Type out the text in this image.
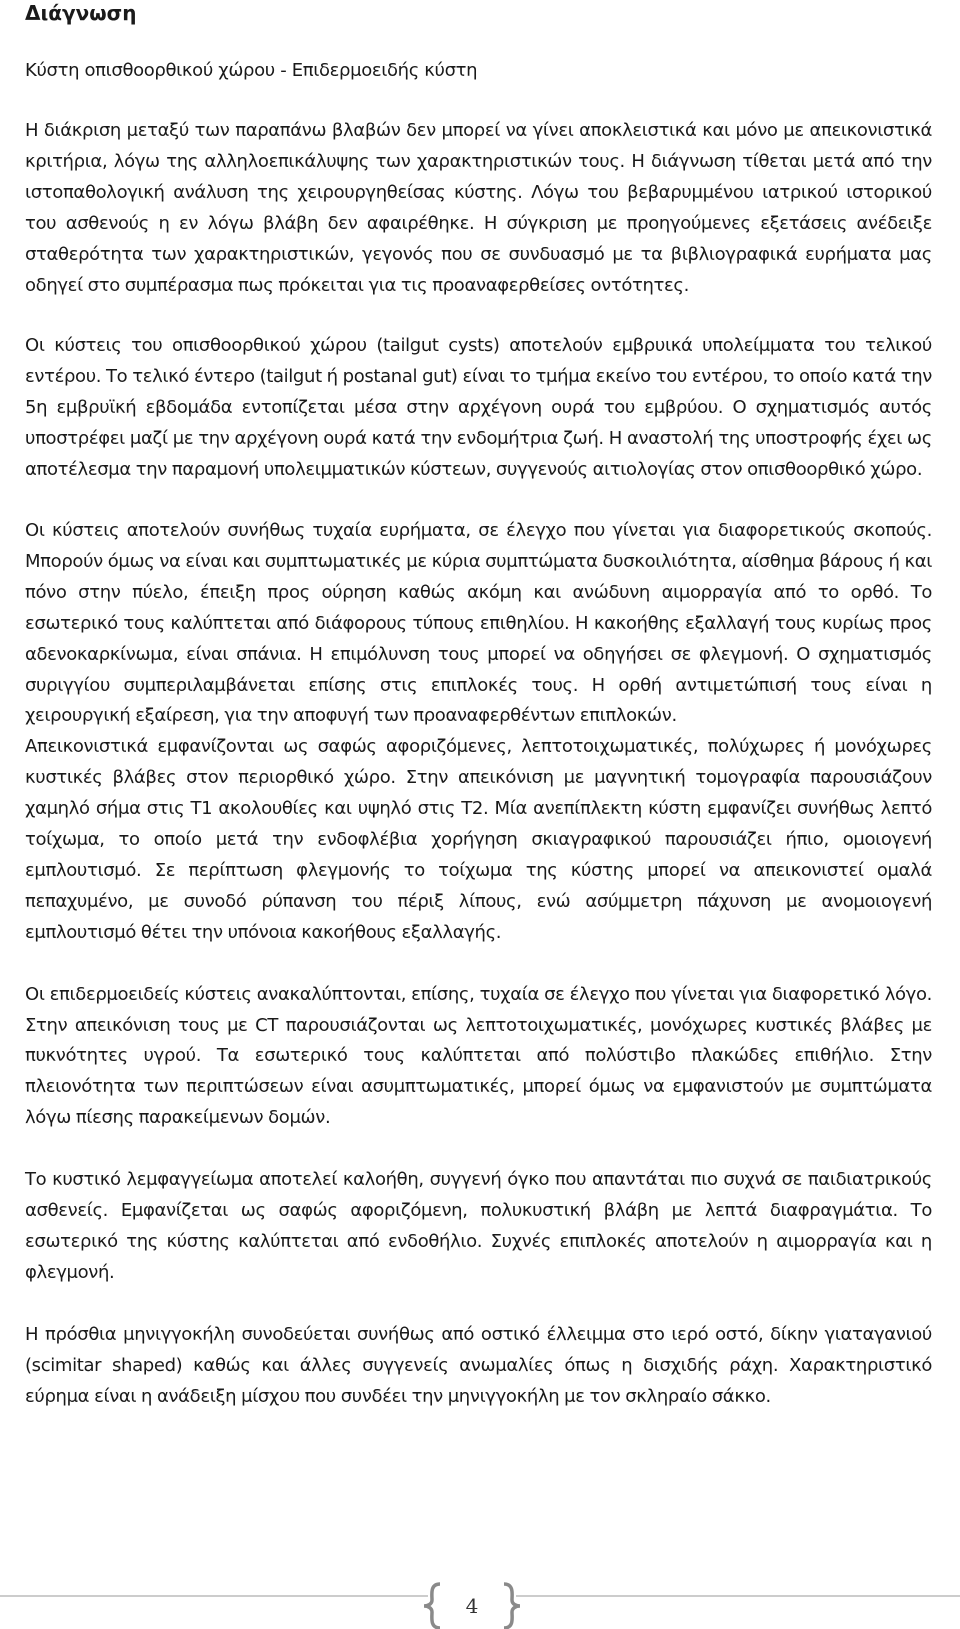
Διάγνωση

Κύστη οπισθοορθικού χώρου - Επιδερμοειδής κύστη

Η διάκριση μεταξύ των παραπάνω βλαβών δεν μπορεί να γίνει αποκλειστικά και μόνο με απεικονιστικά κριτήρια, λόγω της αλληλοεπικάλυψης των χαρακτηριστικών τους. Η διάγνωση τίθεται μετά από την ιστοπαθολογική ανάλυση της χειρουργηθείσας κύστης. Λόγω του βεβαρυμμένου ιατρικού ιστορικού του ασθενούς η εν λόγω βλάβη δεν αφαιρέθηκε. Η σύγκριση με προηγούμενες εξετάσεις ανέδειξε σταθερότητα των χαρακτηριστικών, γεγονός που σε συνδυασμό με τα βιβλιογραφικά ευρήματα μας οδηγεί στο συμπέρασμα πως πρόκειται για τις προαναφερθείσες οντότητες.

Οι κύστεις του οπισθοορθικού χώρου (tailgut cysts) αποτελούν εμβρυικά υπολείμματα του τελικού εντέρου. Το τελικό έντερο (tailgut ή postanal gut) είναι το τμήμα εκείνο του εντέρου, το οποίο κατά την 5η εμβρυϊκή εβδομάδα εντοπίζεται μέσα στην αρχέγονη ουρά του εμβρύου. Ο σχηματισμός αυτός υποστρέφει μαζί με την αρχέγονη ουρά κατά την ενδομήτρια ζωή. Η αναστολή της υποστροφής έχει ως αποτέλεσμα την παραμονή υπολειμματικών κύστεων, συγγενούς αιτιολογίας στον οπισθοορθικό χώρο.

Οι κύστεις αποτελούν συνήθως τυχαία ευρήματα, σε έλεγχο που γίνεται για διαφορετικούς σκοπούς. Μπορούν όμως να είναι και συμπτωματικές με κύρια συμπτώματα δυσκοιλιότητα, αίσθημα βάρους ή και πόνο στην πύελο, έπειξη προς ούρηση καθώς ακόμη και ανώδυνη αιμορραγία από το ορθό. Το εσωτερικό τους καλύπτεται από διάφορους τύπους επιθηλίου. Η κακοήθης εξαλλαγή τους κυρίως προς αδενοκαρκίνωμα, είναι σπάνια. Η επιμόλυνση τους μπορεί να οδηγήσει σε φλεγμονή. Ο σχηματισμός συριγγίου συμπεριλαμβάνεται επίσης στις επιπλοκές τους. Η ορθή αντιμετώπισή τους είναι η χειρουργική εξαίρεση, για την αποφυγή των προαναφερθέντων επιπλοκών.

Απεικονιστικά εμφανίζονται ως σαφώς αφοριζόμενες, λεπτοτοιχωματικές, πολύχωρες ή μονόχωρες κυστικές βλάβες στον περιορθικό χώρο. Στην απεικόνιση με μαγνητική τομογραφία παρουσιάζουν χαμηλό σήμα στις Τ1 ακολουθίες και υψηλό στις Τ2. Μία ανεπίπλεκτη κύστη εμφανίζει συνήθως λεπτό τοίχωμα, το οποίο μετά την ενδοφλέβια χορήγηση σκιαγραφικού παρουσιάζει ήπιο, ομοιογενή εμπλουτισμό. Σε περίπτωση φλεγμονής το τοίχωμα της κύστης μπορεί να απεικονιστεί ομαλά πεπαχυμένο, με συνοδό ρύπανση του πέριξ λίπους, ενώ ασύμμετρη πάχυνση με ανομοιογενή εμπλουτισμό θέτει την υπόνοια κακοήθους εξαλλαγής.

Οι επιδερμοειδείς κύστεις ανακαλύπτονται, επίσης, τυχαία σε έλεγχο που γίνεται για διαφορετικό λόγο. Στην απεικόνιση τους με CT παρουσιάζονται ως λεπτοτοιχωματικές, μονόχωρες κυστικές βλάβες με πυκνότητες υγρού. Τα εσωτερικό τους καλύπτεται από πολύστιβο πλακώδες επιθήλιο. Στην πλειονότητα των περιπτώσεων είναι ασυμπτωματικές, μπορεί όμως να εμφανιστούν με συμπτώματα λόγω πίεσης παρακείμενων δομών.

Το κυστικό λεμφαγγείωμα αποτελεί καλοήθη, συγγενή όγκο που απαντάται πιο συχνά σε παιδιατρικούς ασθενείς. Εμφανίζεται ως σαφώς αφοριζόμενη, πολυκυστική βλάβη με λεπτά διαφραγμάτια. Το εσωτερικό της κύστης καλύπτεται από ενδοθήλιο. Συχνές επιπλοκές αποτελούν η αιμορραγία και η φλεγμονή.

Η πρόσθια μηνιγγοκήλη συνοδεύεται συνήθως από οστικό έλλειμμα στο ιερό οστό, δίκην γιαταγανιού (scimitar shaped) καθώς και άλλες συγγενείς ανωμαλίες όπως η δισχιδής ράχη. Χαρακτηριστικό εύρημα είναι η ανάδειξη μίσχου που συνδέει την μηνιγγοκήλη με τον σκληραίο σάκκο.

4
